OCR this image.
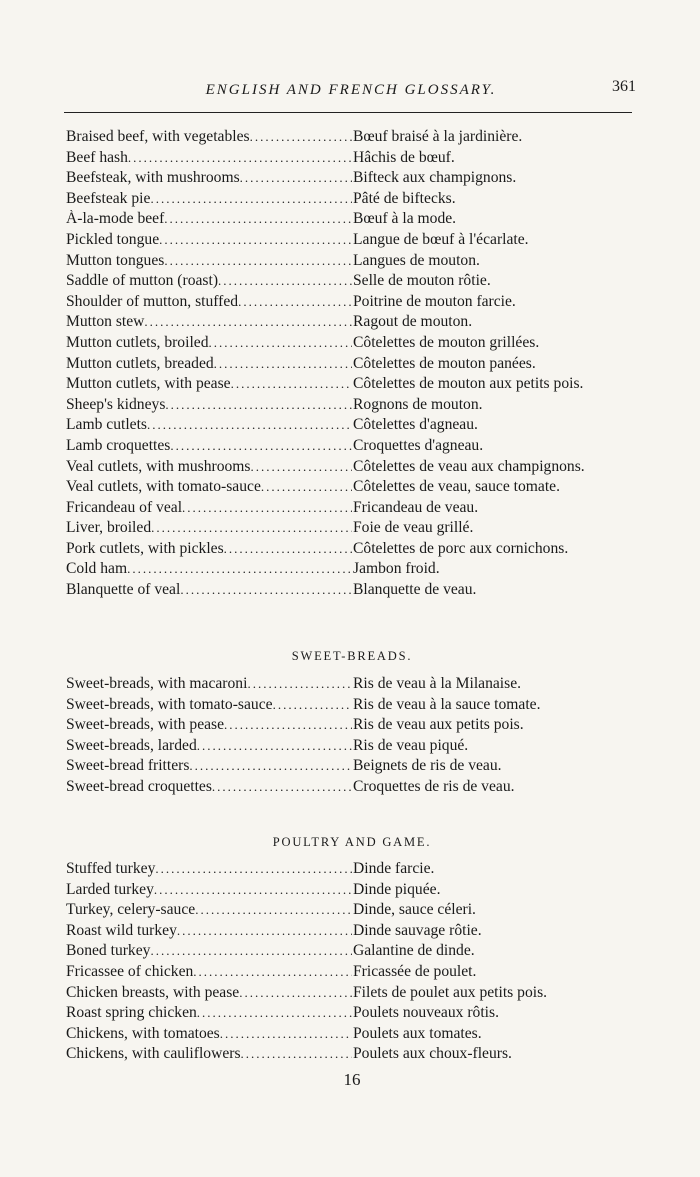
ENGLISH AND FRENCH GLOSSARY.	361
Braised beef, with vegetables .....	Bœuf braisé à la jardinière.
Beef hash .....	Hâchis de bœuf.
Beefsteak, with mushrooms .....	Bifteck aux champignons.
Beefsteak pie .....	Pâté de biftecks.
À-la-mode beef .....	Bœuf à la mode.
Pickled tongue .....	Langue de bœuf à l'écarlate.
Mutton tongues .....	Langues de mouton.
Saddle of mutton (roast) .....	Selle de mouton rôtie.
Shoulder of mutton, stuffed .....	Poitrine de mouton farcie.
Mutton stew .....	Ragout de mouton.
Mutton cutlets, broiled .....	Côtelettes de mouton grillées.
Mutton cutlets, breaded .....	Côtelettes de mouton panées.
Mutton cutlets, with pease .....	Côtelettes de mouton aux petits pois.
Sheep's kidneys .....	Rognons de mouton.
Lamb cutlets .....	Côtelettes d'agneau.
Lamb croquettes .....	Croquettes d'agneau.
Veal cutlets, with mushrooms .....	Côtelettes de veau aux champignons.
Veal cutlets, with tomato-sauce .....	Côtelettes de veau, sauce tomate.
Fricandeau of veal .....	Fricandeau de veau.
Liver, broiled .....	Foie de veau grillé.
Pork cutlets, with pickles .....	Côtelettes de porc aux cornichons.
Cold ham .....	Jambon froid.
Blanquette of veal .....	Blanquette de veau.
SWEET-BREADS.
Sweet-breads, with macaroni .....	Ris de veau à la Milanaise.
Sweet-breads, with tomato-sauce .....	Ris de veau à la sauce tomate.
Sweet-breads, with pease .....	Ris de veau aux petits pois.
Sweet-breads, larded .....	Ris de veau piqué.
Sweet-bread fritters .....	Beignets de ris de veau.
Sweet-bread croquettes .....	Croquettes de ris de veau.
POULTRY AND GAME.
Stuffed turkey .....	Dinde farcie.
Larded turkey .....	Dinde piquée.
Turkey, celery-sauce .....	Dinde, sauce céleri.
Roast wild turkey .....	Dinde sauvage rôtie.
Boned turkey .....	Galantine de dinde.
Fricassee of chicken .....	Fricassée de poulet.
Chicken breasts, with pease .....	Filets de poulet aux petits pois.
Roast spring chicken .....	Poulets nouveaux rôtis.
Chickens, with tomatoes .....	Poulets aux tomates.
Chickens, with cauliflowers .....	Poulets aux choux-fleurs.
16
